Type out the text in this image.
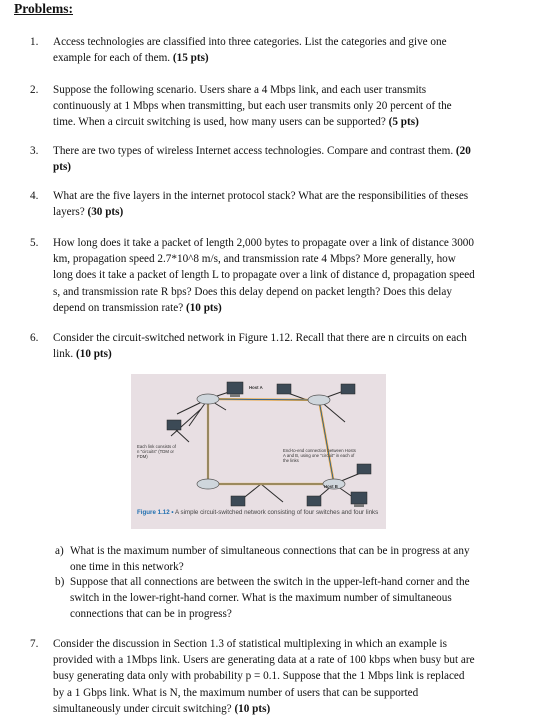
Problems:
1. Access technologies are classified into three categories. List the categories and give one example for each of them. (15 pts)
2. Suppose the following scenario. Users share a 4 Mbps link, and each user transmits continuously at 1 Mbps when transmitting, but each user transmits only 20 percent of the time. When a circuit switching is used, how many users can be supported? (5 pts)
3. There are two types of wireless Internet access technologies. Compare and contrast them. (20 pts)
4. What are the five layers in the internet protocol stack? What are the responsibilities of theses layers? (30 pts)
5. How long does it take a packet of length 2,000 bytes to propagate over a link of distance 3000 km, propagation speed 2.7*10^8 m/s, and transmission rate 4 Mbps? More generally, how long does it take a packet of length L to propagate over a link of distance d, propagation speed s, and transmission rate R bps? Does this delay depend on packet length? Does this delay depend on transmission rate? (10 pts)
6. Consider the circuit-switched network in Figure 1.12. Recall that there are n circuits on each link. (10 pts)
Host A
Host B
Each link consists of n "circuits" (TDM or FDM)
End-to-end connection between Hosts A and B, using one "circuit" in each of the links
Figure 1.12 • A simple circuit-switched network consisting of four switches and four links
a) What is the maximum number of simultaneous connections that can be in progress at any one time in this network?
b) Suppose that all connections are between the switch in the upper-left-hand corner and the switch in the lower-right-hand corner. What is the maximum number of simultaneous connections that can be in progress?
7. Consider the discussion in Section 1.3 of statistical multiplexing in which an example is provided with a 1Mbps link. Users are generating data at a rate of 100 kbps when busy but are busy generating data only with probability p = 0.1. Suppose that the 1 Mbps link is replaced by a 1 Gbps link. What is N, the maximum number of users that can be supported simultaneously under circuit switching? (10 pts)
